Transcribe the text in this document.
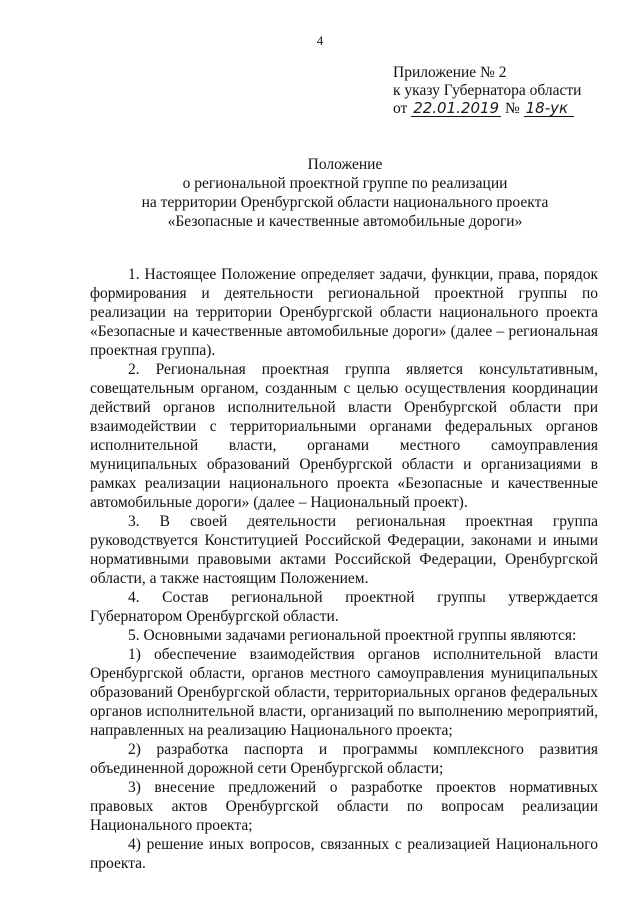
4
Приложение № 2
к указу Губернатора области
от 22.01.2019 № 18-ук
Положение
о региональной проектной группе по реализации
на территории Оренбургской области национального проекта
«Безопасные и качественные автомобильные дороги»

1. Настоящее Положение определяет задачи, функции, права, порядок формирования и деятельности региональной проектной группы по реализации на территории Оренбургской области национального проекта «Безопасные и качественные автомобильные дороги» (далее – региональная проектная группа).

2. Региональная проектная группа является консультативным, совещательным органом, созданным с целью осуществления координации действий органов исполнительной власти Оренбургской области при взаимодействии с территориальными органами федеральных органов исполнительной власти, органами местного самоуправления муниципальных образований Оренбургской области и организациями в рамках реализации национального проекта «Безопасные и качественные автомобильные дороги» (далее – Национальный проект).

3. В своей деятельности региональная проектная группа руководствуется Конституцией Российской Федерации, законами и иными нормативными правовыми актами Российской Федерации, Оренбургской области, а также настоящим Положением.

4. Состав региональной проектной группы утверждается Губернатором Оренбургской области.

5. Основными задачами региональной проектной группы являются:

1) обеспечение взаимодействия органов исполнительной власти Оренбургской области, органов местного самоуправления муниципальных образований Оренбургской области, территориальных органов федеральных органов исполнительной власти, организаций по выполнению мероприятий, направленных на реализацию Национального проекта;

2) разработка паспорта и программы комплексного развития объединенной дорожной сети Оренбургской области;

3) внесение предложений о разработке проектов нормативных правовых актов Оренбургской области по вопросам реализации Национального проекта;

4) решение иных вопросов, связанных с реализацией Национального проекта.
